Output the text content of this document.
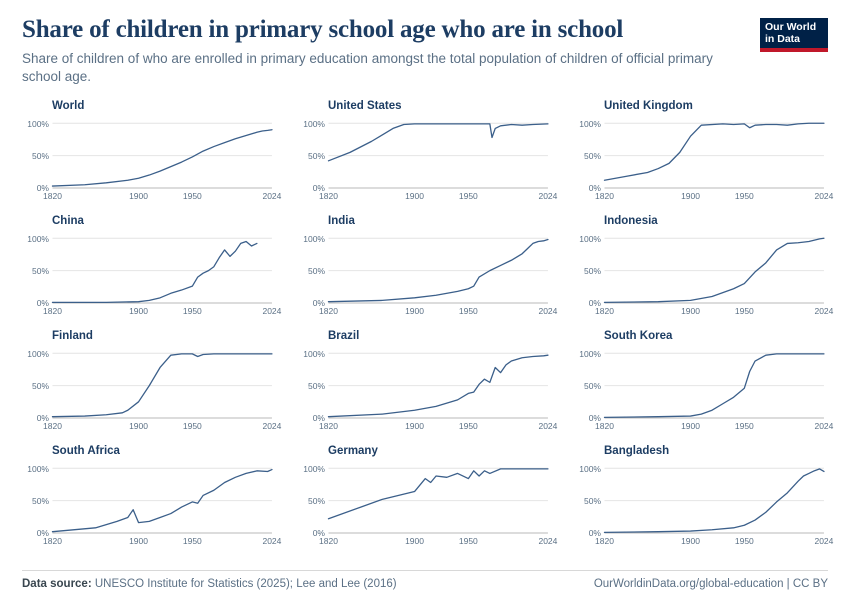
Share of children in primary school age who are in school

Share of children of who are enrolled in primary education amongst the total population of children of official primary school age.

Our World
in Data
World
100%
50%
0%
1820	1900	1950	2024
United States
100%
50%
0%
1820	1900	1950	2024
United Kingdom
100%
50%
0%
1820	1900	1950	2024
China
100%
50%
0%
1820	1900	1950	2024
India
100%
50%
0%
1820	1900	1950	2024
Indonesia
100%
50%
0%
1820	1900	1950	2024
Finland
100%
50%
0%
1820	1900	1950	2024
Brazil
100%
50%
0%
1820	1900	1950	2024
South Korea
100%
50%
0%
1820	1900	1950	2024
South Africa
100%
50%
0%
1820	1900	1950	2024
Germany
100%
50%
0%
1820	1900	1950	2024
Bangladesh
100%
50%
0%
1820	1900	1950	2024
Data source: UNESCO Institute for Statistics (2025); Lee and Lee (2016)	OurWorldinData.org/global-education | CC BY
